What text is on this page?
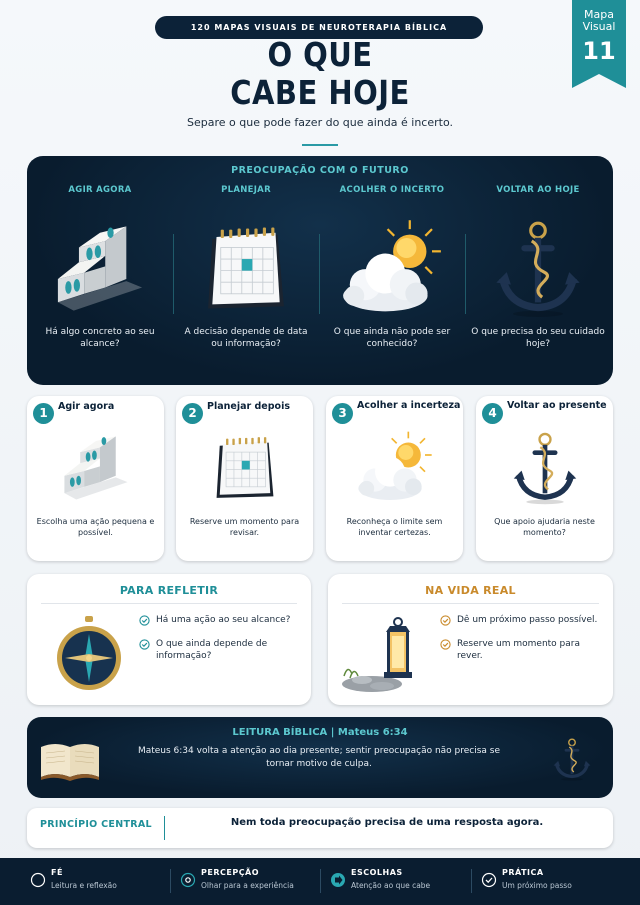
120 MAPAS VISUAIS DE NEUROTERAPIA BÍBLICA
Mapa
Visual
11
O QUE
CABE HOJE
Separe o que pode fazer do que ainda é incerto.
PREOCUPAÇÃO COM O FUTURO
AGIR AGORA
Há algo concreto ao seu alcance?
PLANEJAR
A decisão depende de data ou informação?
ACOLHER O INCERTO
O que ainda não pode ser conhecido?
VOLTAR AO HOJE
O que precisa do seu cuidado hoje?
1	Agir agora
Escolha uma ação pequena e possível.
2	Planejar depois
Reserve um momento para revisar.
3
Acolher a incerteza
Reconheça o limite sem inventar certezas.
4
Voltar ao presente
Que apoio ajudaria neste momento?
PARA REFLETIR
Há uma ação ao seu alcance?
O que ainda depende de informação?
NA VIDA REAL
Dê um próximo passo possível.
Reserve um momento para rever.
LEITURA BÍBLICA | Mateus 6:34
Mateus 6:34 volta a atenção ao dia presente; sentir preocupação não precisa se tornar motivo de culpa.
PRINCÍPIO CENTRAL	Nem toda preocupação precisa de uma resposta agora.
FÉ
Leitura e reflexão
PERCEPÇÃO
Olhar para a experiência
ESCOLHAS
Atenção ao que cabe
PRÁTICA
Um próximo passo
